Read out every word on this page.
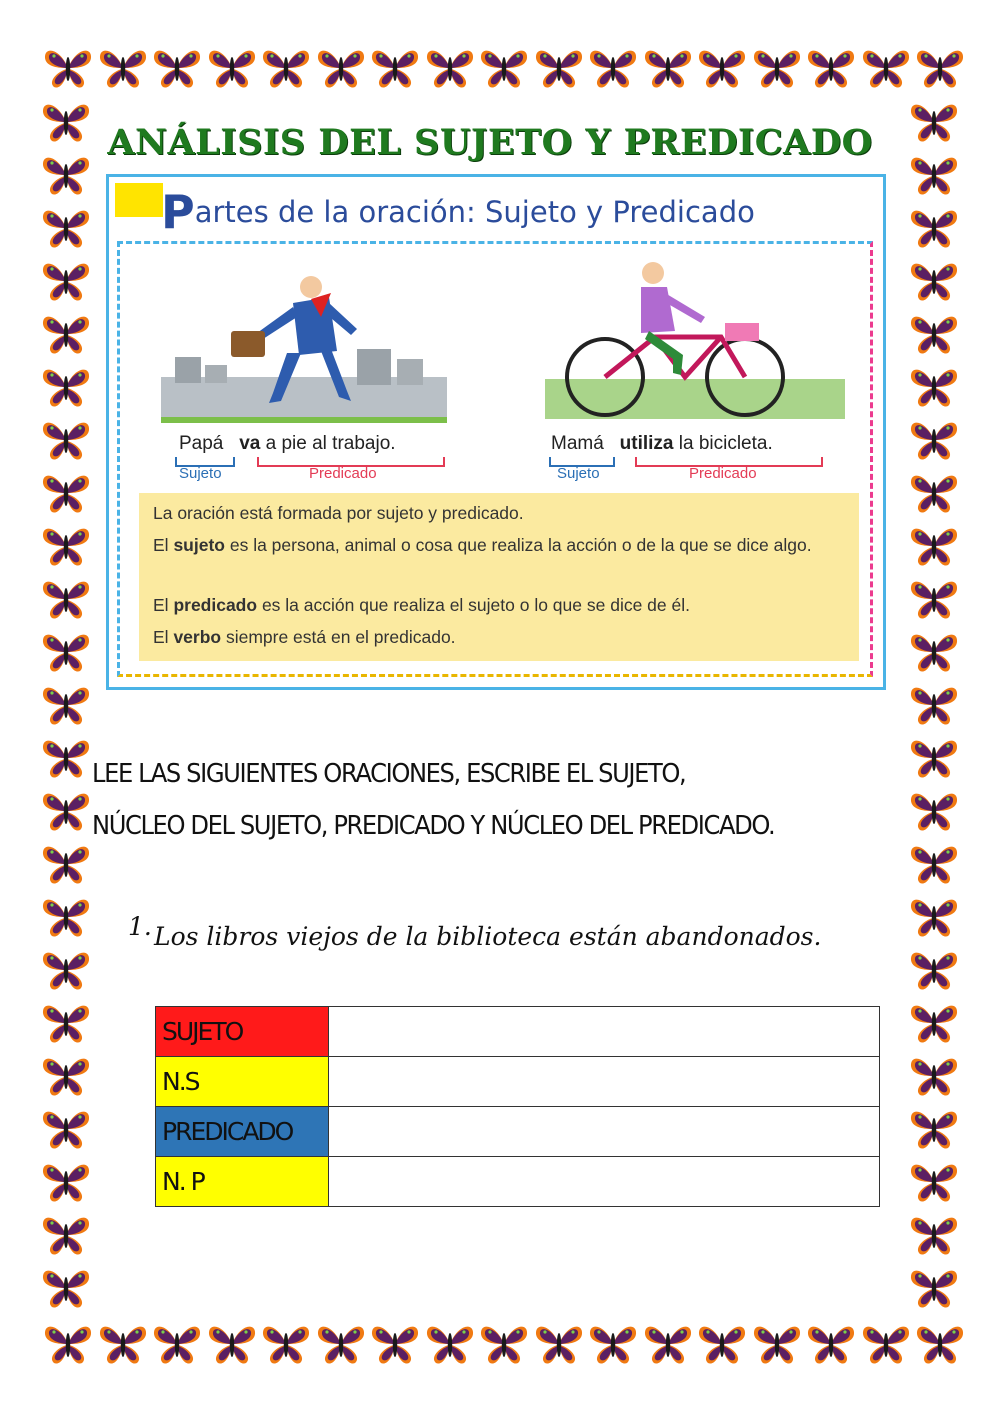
ANÁLISIS DEL SUJETO Y PREDICADO
Partes de la oración: Sujeto y Predicado
Papá va a pie al trabajo.
Sujeto	Predicado
Mamá utiliza la bicicleta.
Sujeto	Predicado

La oración está formada por sujeto y predicado.

El sujeto es la persona, animal o cosa que realiza la acción o de la que se dice algo.

El predicado es la acción que realiza el sujeto o lo que se dice de él.

El verbo siempre está en el predicado.

LEE LAS SIGUIENTES ORACIONES, ESCRIBE EL SUJETO, NÚCLEO DEL SUJETO, PREDICADO Y NÚCLEO DEL PREDICADO.
1. Los libros viejos de la biblioteca están abandonados.
SUJETO	
N.S	
PREDICADO	
N. P	
